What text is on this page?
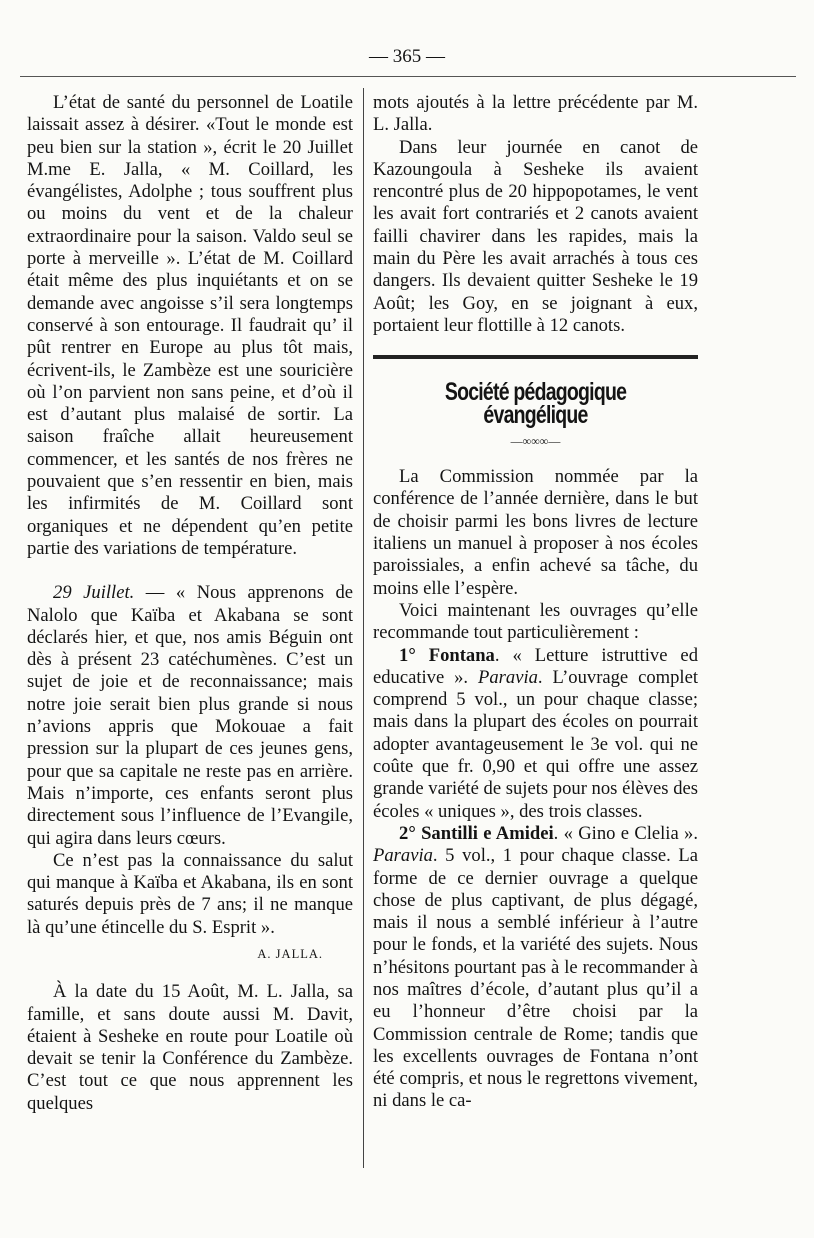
— 365 —

L’état de santé du personnel de Loatile laissait assez à désirer. «Tout le monde est peu bien sur la station », écrit le 20 Juillet M.me E. Jalla, « M. Coillard, les évangélistes, Adolphe ; tous souffrent plus ou moins du vent et de la chaleur extraordinaire pour la saison. Valdo seul se porte à merveille ». L’état de M. Coillard était même des plus inquiétants et on se demande avec angoisse s’il sera longtemps conservé à son entourage. Il faudrait qu’ il pût rentrer en Europe au plus tôt mais, écrivent-ils, le Zambèze est une souricière où l’on parvient non sans peine, et d’où il est d’autant plus malaisé de sortir. La saison fraîche allait heureusement commencer, et les santés de nos frères ne pouvaient que s’en ressentir en bien, mais les infirmités de M. Coillard sont organiques et ne dépendent qu’en petite partie des variations de température.

29 Juillet. — « Nous apprenons de Nalolo que Kaïba et Akabana se sont déclarés hier, et que, nos amis Béguin ont dès à présent 23 catéchumènes. C’est un sujet de joie et de reconnaissance; mais notre joie serait bien plus grande si nous n’avions appris que Mokouae a fait pression sur la plupart de ces jeunes gens, pour que sa capitale ne reste pas en arrière. Mais n’importe, ces enfants seront plus directement sous l’influence de l’Evangile, qui agira dans leurs cœurs.

Ce n’est pas la connaissance du salut qui manque à Kaïba et Akabana, ils en sont saturés depuis près de 7 ans; il ne manque là qu’une étincelle du S. Esprit ».

A. JALLA.

À la date du 15 Août, M. L. Jalla, sa famille, et sans doute aussi M. Davit, étaient à Sesheke en route pour Loatile où devait se tenir la Conférence du Zambèze. C’est tout ce que nous apprennent les quelques

mots ajoutés à la lettre précédente par M. L. Jalla.

Dans leur journée en canot de Kazoungoula à Sesheke ils avaient rencontré plus de 20 hippopotames, le vent les avait fort contrariés et 2 canots avaient failli chavirer dans les rapides, mais la main du Père les avait arrachés à tous ces dangers. Ils devaient quitter Sesheke le 19 Août; les Goy, en se joignant à eux, portaient leur flottille à 12 canots.

Société pédagogique évangélique
—∞∞∞—

La Commission nommée par la conférence de l’année dernière, dans le but de choisir parmi les bons livres de lecture italiens un manuel à proposer à nos écoles paroissiales, a enfin achevé sa tâche, du moins elle l’espère.

Voici maintenant les ouvrages qu’elle recommande tout particulièrement :

1° Fontana. « Letture istruttive ed educative ». Paravia. L’ouvrage complet comprend 5 vol., un pour chaque classe; mais dans la plupart des écoles on pourrait adopter avantageusement le 3e vol. qui ne coûte que fr. 0,90 et qui offre une assez grande variété de sujets pour nos élèves des écoles « uniques », des trois classes.

2° Santilli e Amidei. « Gino e Clelia ». Paravia. 5 vol., 1 pour chaque classe. La forme de ce dernier ouvrage a quelque chose de plus captivant, de plus dégagé, mais il nous a semblé inférieur à l’autre pour le fonds, et la variété des sujets. Nous n’hésitons pourtant pas à le recommander à nos maîtres d’école, d’autant plus qu’il a eu l’honneur d’être choisi par la Commission centrale de Rome; tandis que les excellents ouvrages de Fontana n’ont été compris, et nous le regrettons vivement, ni dans le ca-
